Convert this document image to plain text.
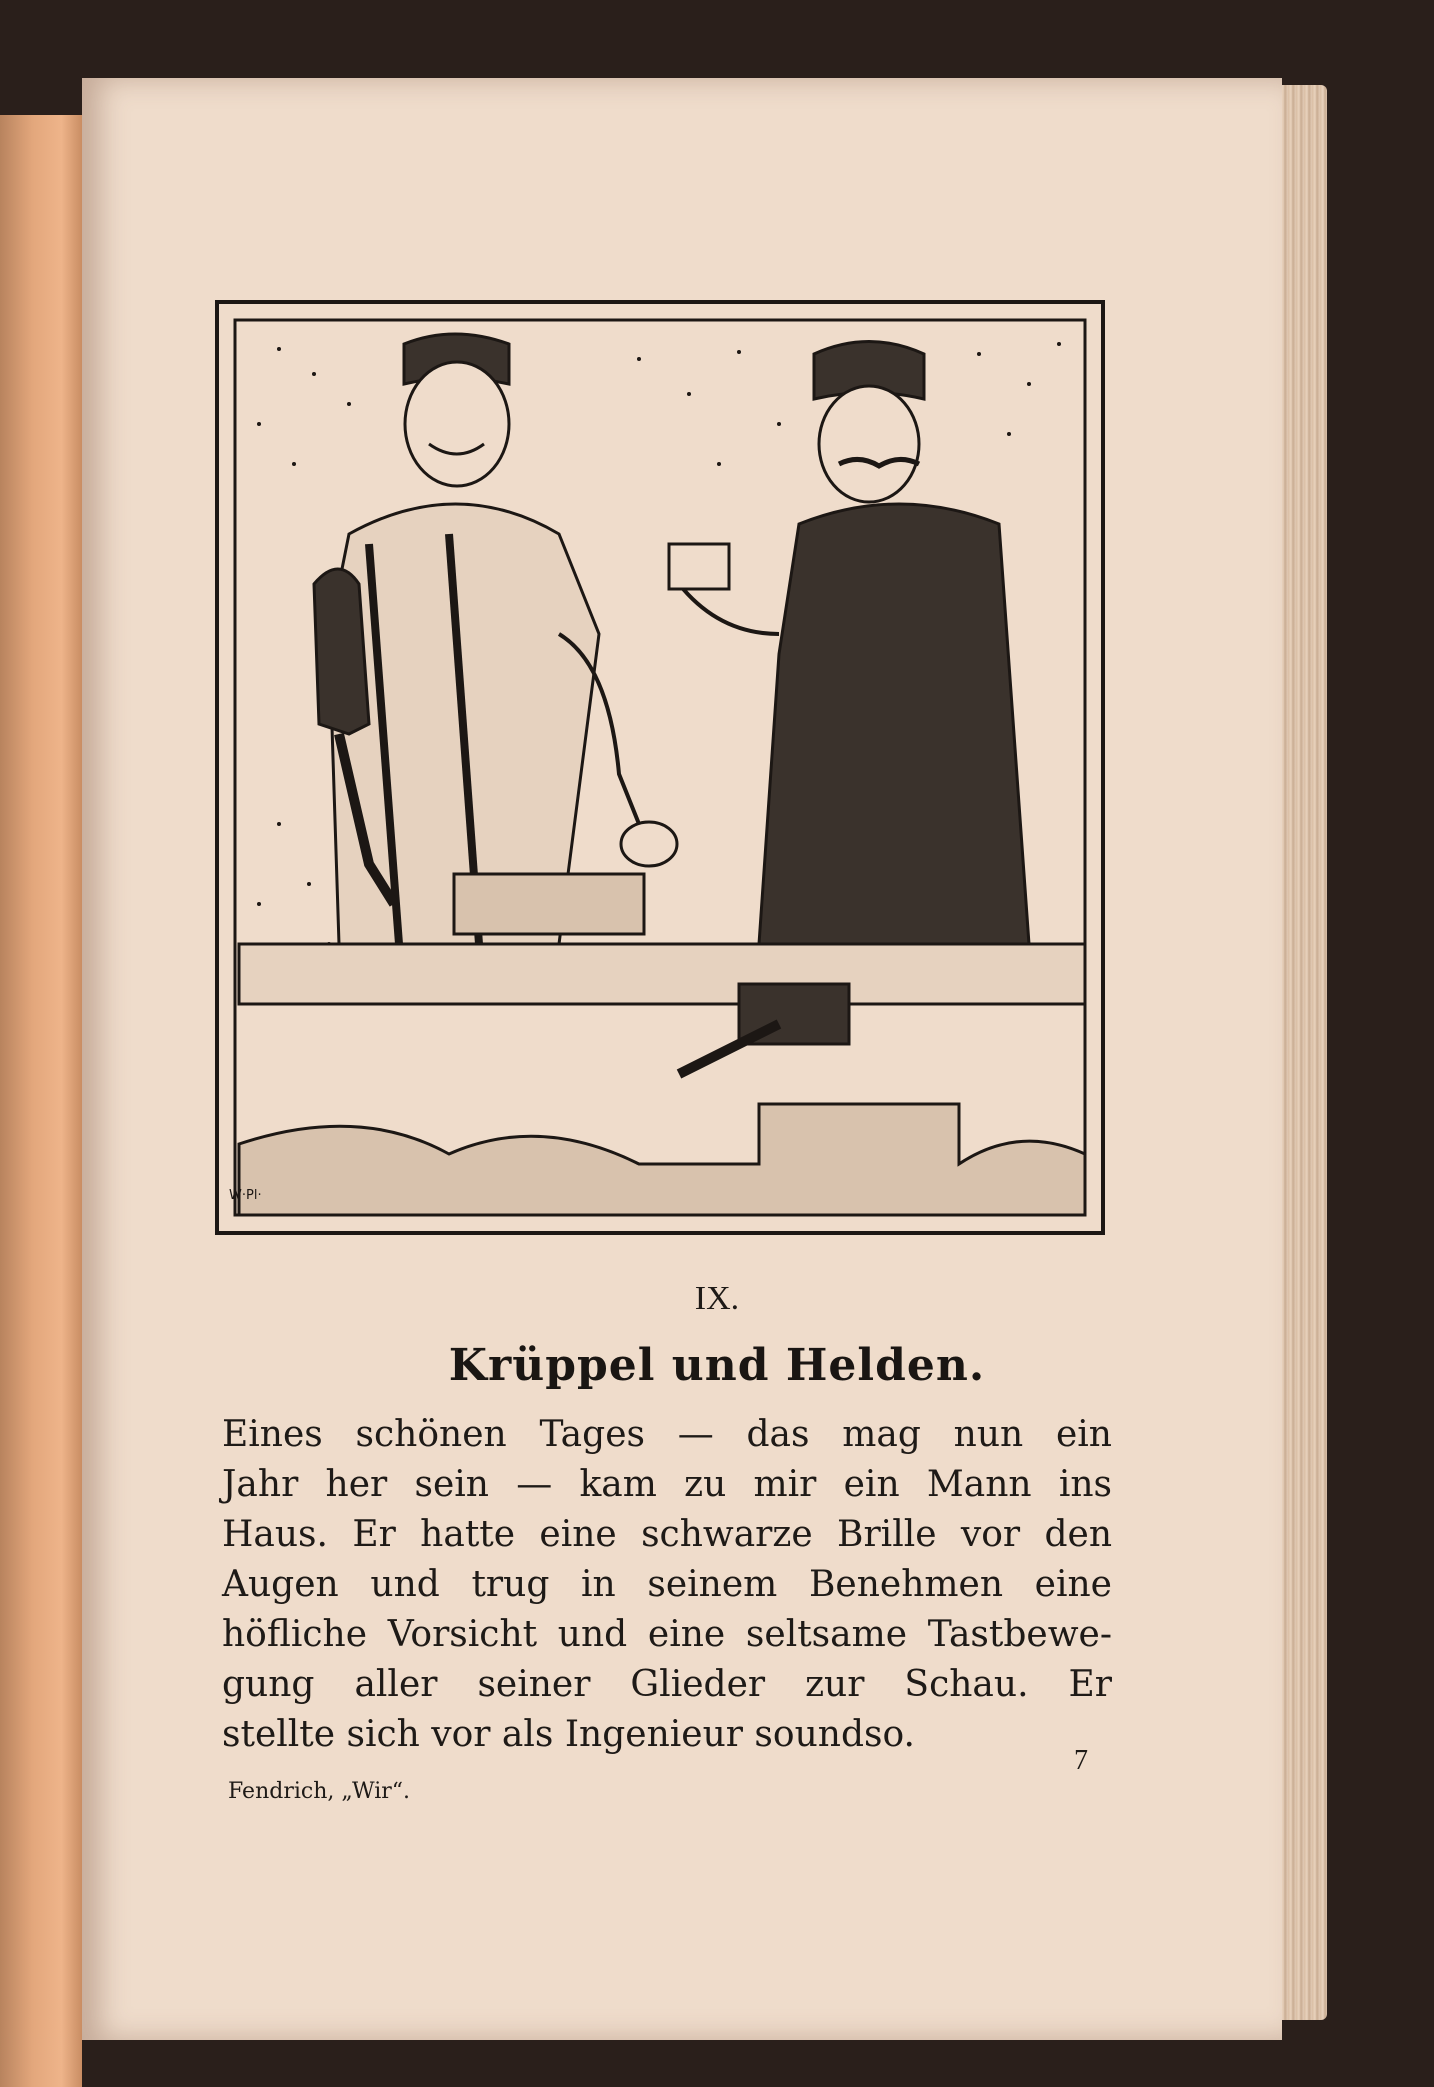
W·Pl·
IX.
Krüppel und Helden.
Eines schönen Tages — das mag nun ein
Jahr her sein — kam zu mir ein Mann ins
Haus. Er hatte eine schwarze Brille vor den
Augen und trug in seinem Benehmen eine
höfliche Vorsicht und eine seltsame Tastbewe-
gung aller seiner Glieder zur Schau. Er
stellte sich vor als Ingenieur soundso.
Fendrich, „Wir“.
7
